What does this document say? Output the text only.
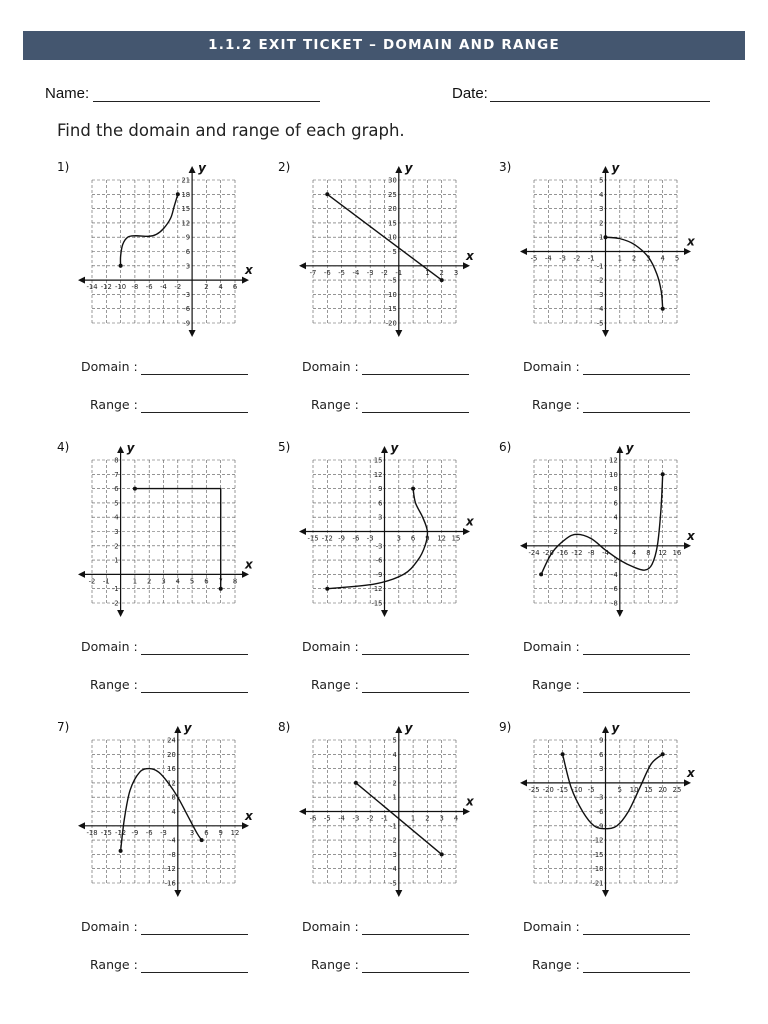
1.1.2 EXIT TICKET – DOMAIN AND RANGE
Name:	Date:
Find the domain and range of each graph.
1)
x
y
-14 -12 -10 -8 -6 -4 -2	2 4 6
21
18
15
12
9
6
3
-3
-6
-9
Domain :
Range :
2)
x
y
-7 -6 -5 -4 -3 -2 -1	1 2 3
30
25
20
15
10
5
-5
-10
-15
-20
Domain :
Range :
3)
x
y
-5 -4 -3 -2 -1	1 2 3 4 5
5
4
3
2
1
-1
-2
-3
-4
-5
Domain :
Range :
4)
x
y
-2 -1	1 2 3 4 5 6 7 8
8
7
6
5
4
3
2
1
-1
-2
Domain :
Range :
5)
x
y
-15 -12 -9 -6 -3	3 6 9 12 15
15
12
9
6
3
-3
-6
-9
-12
-15
Domain :
Range :
6)
x
y
-24 -20 -16 -12 -8 -4	4 8 12 16
12
10
8
6
4
2
-2
-4
-6
-8
Domain :
Range :
7)
x
y
-18 -15 -12 -9 -6 -3	3 6 9 12
24
20
16
12
8
4
-4
-8
-12
-16
Domain :
Range :
8)
x
y
-6 -5 -4 -3 -2 -1	1 2 3 4
5
4
3
2
1
-1
-2
-3
-4
-5
Domain :
Range :
9)
x
y
-25 -20 -15 -10 -5	5 10 15 20 25
9
6
3
-3
-6
-9
-12
-15
-18
-21
Domain :
Range :
